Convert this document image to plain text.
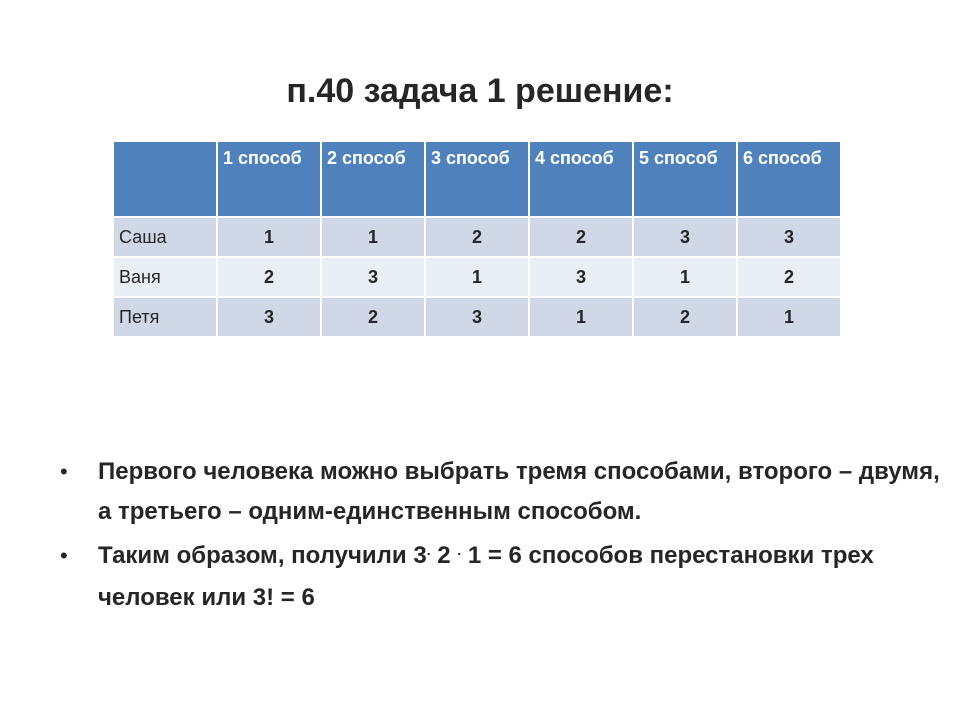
п.40 задача 1 решение:
	1 способ	2 способ	3 способ	4 способ	5 способ	6 способ
Саша	1	1	2	2	3	3
Ваня	2	3	1	3	1	2
Петя	3	2	3	1	2	1
• Первого человека можно выбрать тремя способами, второго – двумя, а третьего – одним-единственным способом.
• Таким образом, получили 3. 2 . 1 = 6 способов перестановки трех человек или 3! = 6
